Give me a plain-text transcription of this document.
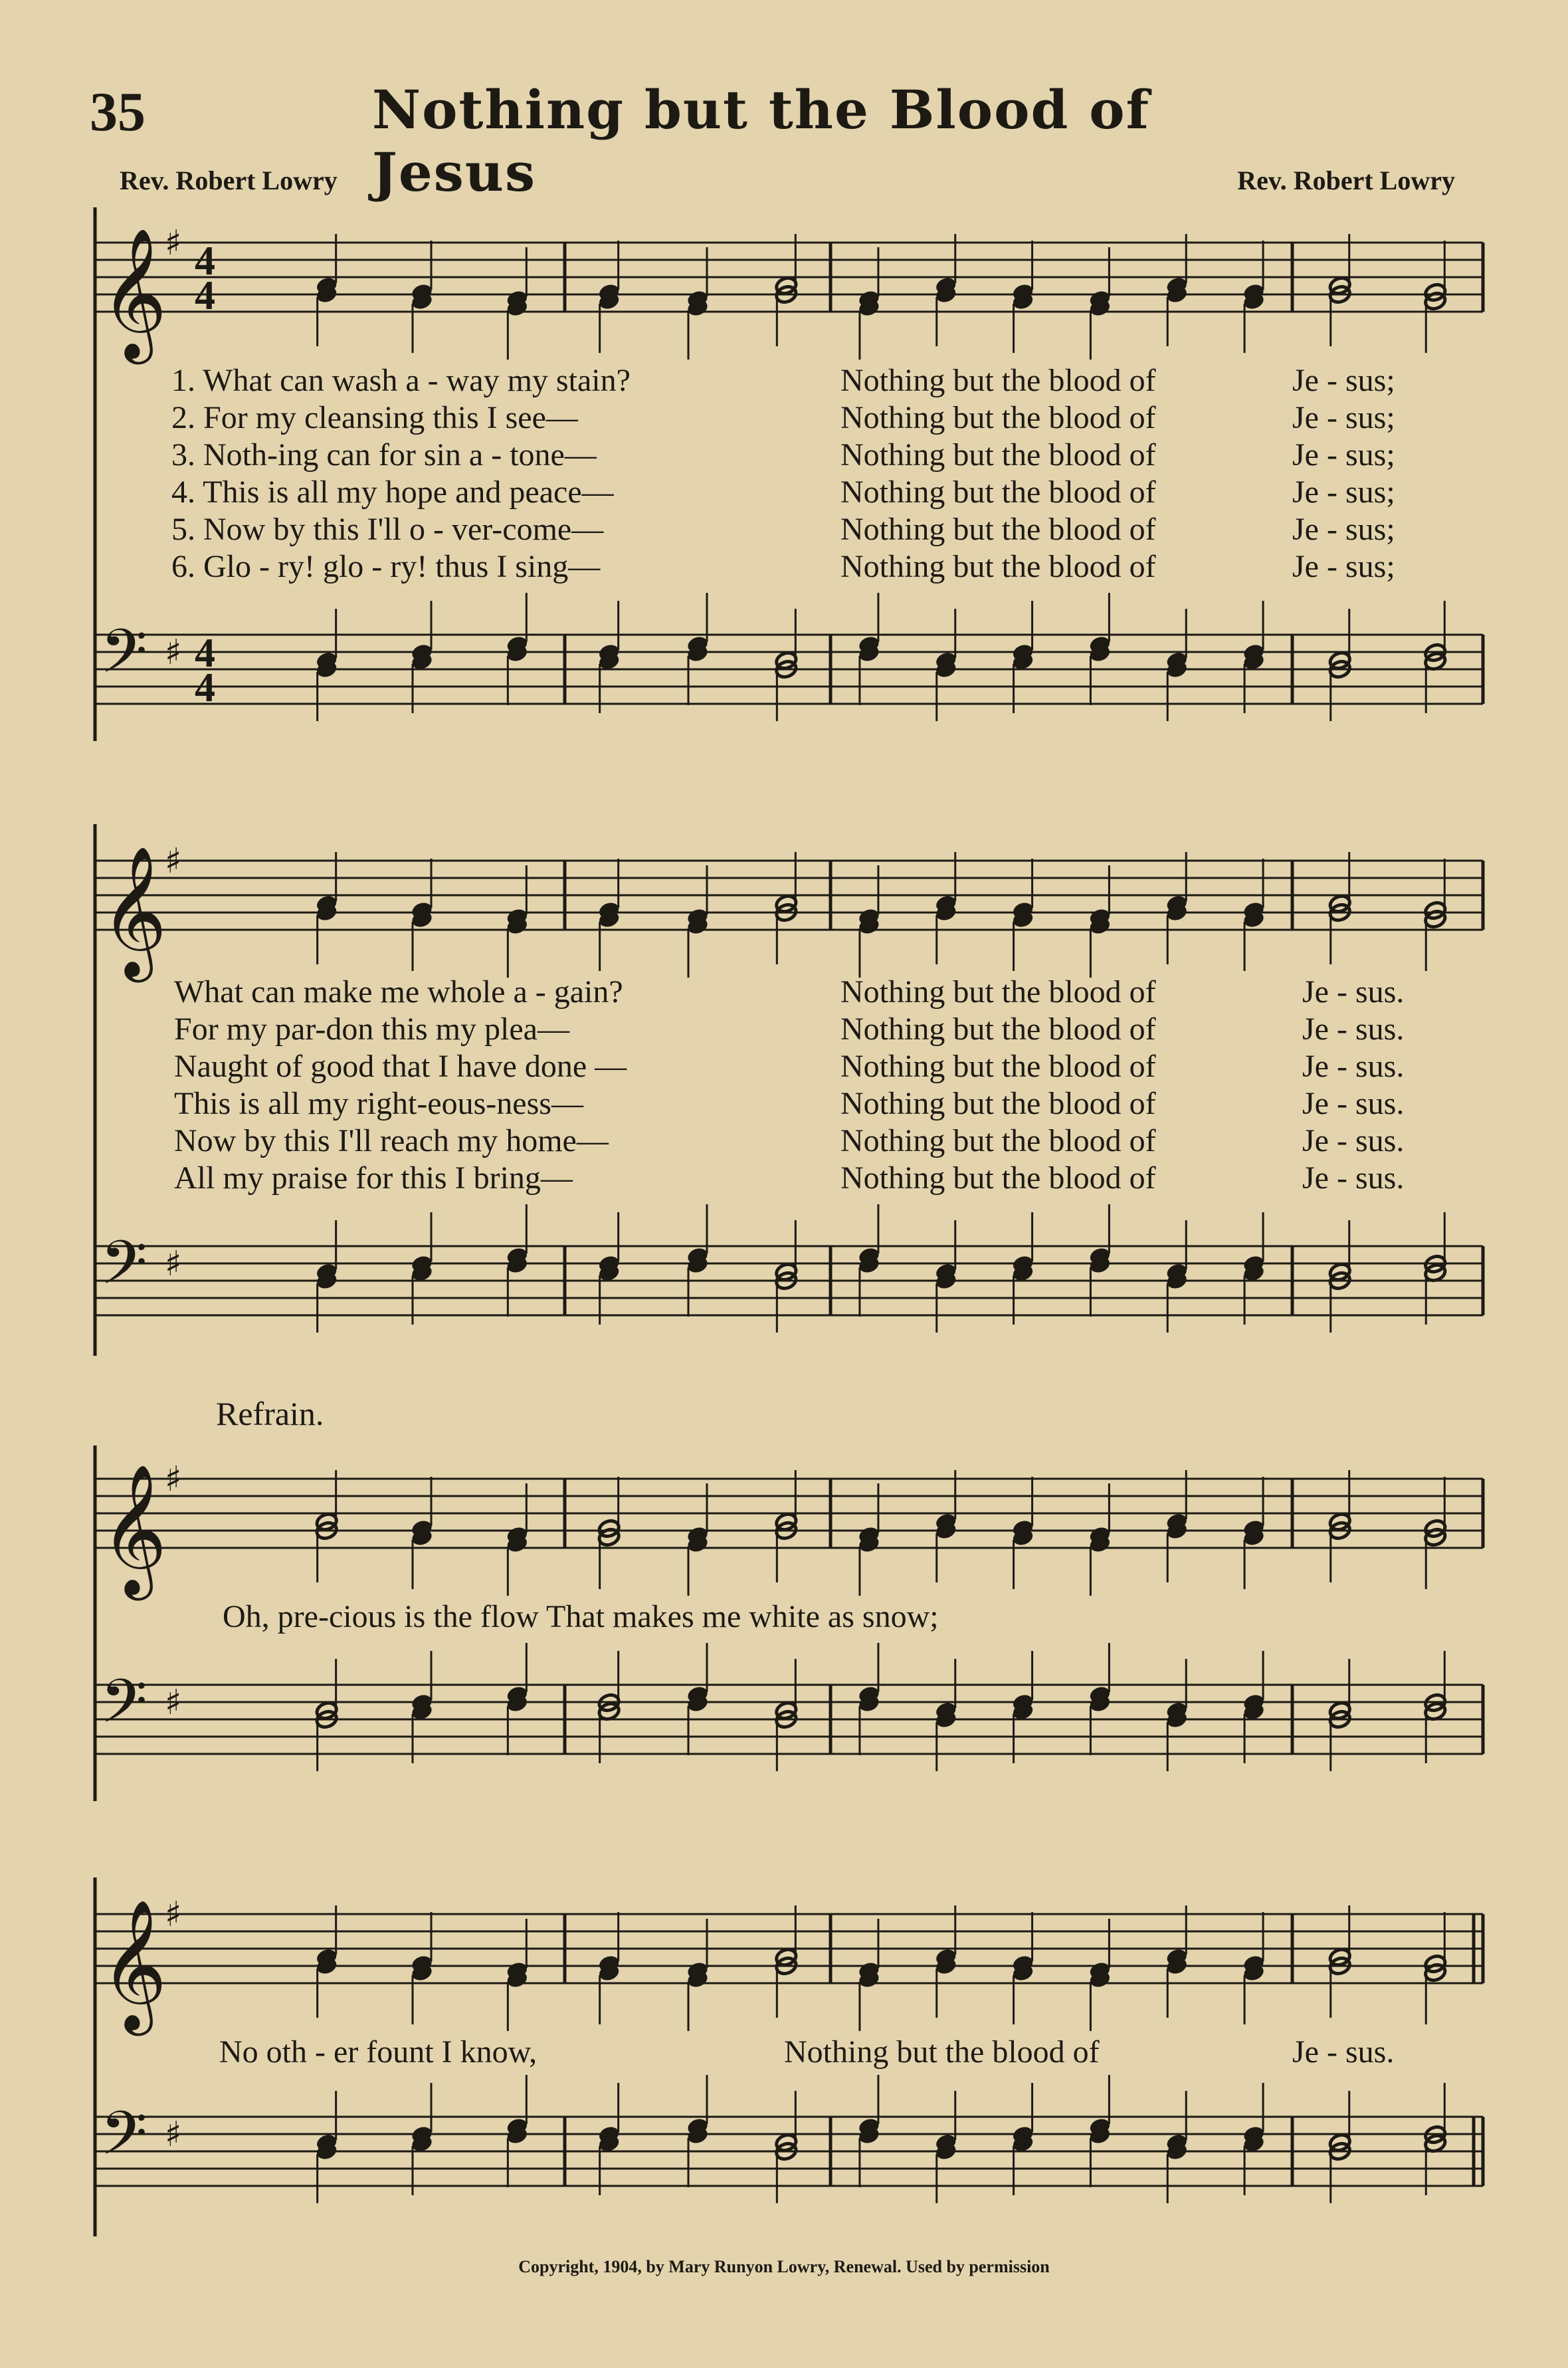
35	Nothing but the Blood of Jesus
Rev. Robert Lowry	Rev. Robert Lowry
𝄞
♯ 4
4
1. What can wash a - way my stain?	Nothing but the blood of	Je - sus;
2. For my cleansing this I see—	Nothing but the blood of	Je - sus;
3. Noth-ing can for sin a - tone—	Nothing but the blood of	Je - sus;
4. This is all my hope and peace—	Nothing but the blood of	Je - sus;
5. Now by this I'll o - ver-come—	Nothing but the blood of	Je - sus;
6. Glo - ry! glo - ry! thus I sing—	Nothing but the blood of	Je - sus;
𝄢 ♯ 4
4
𝄞
♯
What can make me whole a - gain?	Nothing but the blood of	Je - sus.
For my par-don this my plea—	Nothing but the blood of	Je - sus.
Naught of good that I have done —	Nothing but the blood of	Je - sus.
This is all my right-eous-ness—	Nothing but the blood of	Je - sus.
Now by this I'll reach my home—	Nothing but the blood of	Je - sus.
All my praise for this I bring—	Nothing but the blood of	Je - sus.
𝄢 ♯
Refrain.
𝄞
♯
Oh, pre-cious is the flow That makes me white as snow;
𝄢 ♯
𝄞
♯
No oth - er fount I know,	Nothing but the blood of	Je - sus.
𝄢 ♯
Copyright, 1904, by Mary Runyon Lowry, Renewal. Used by permission
